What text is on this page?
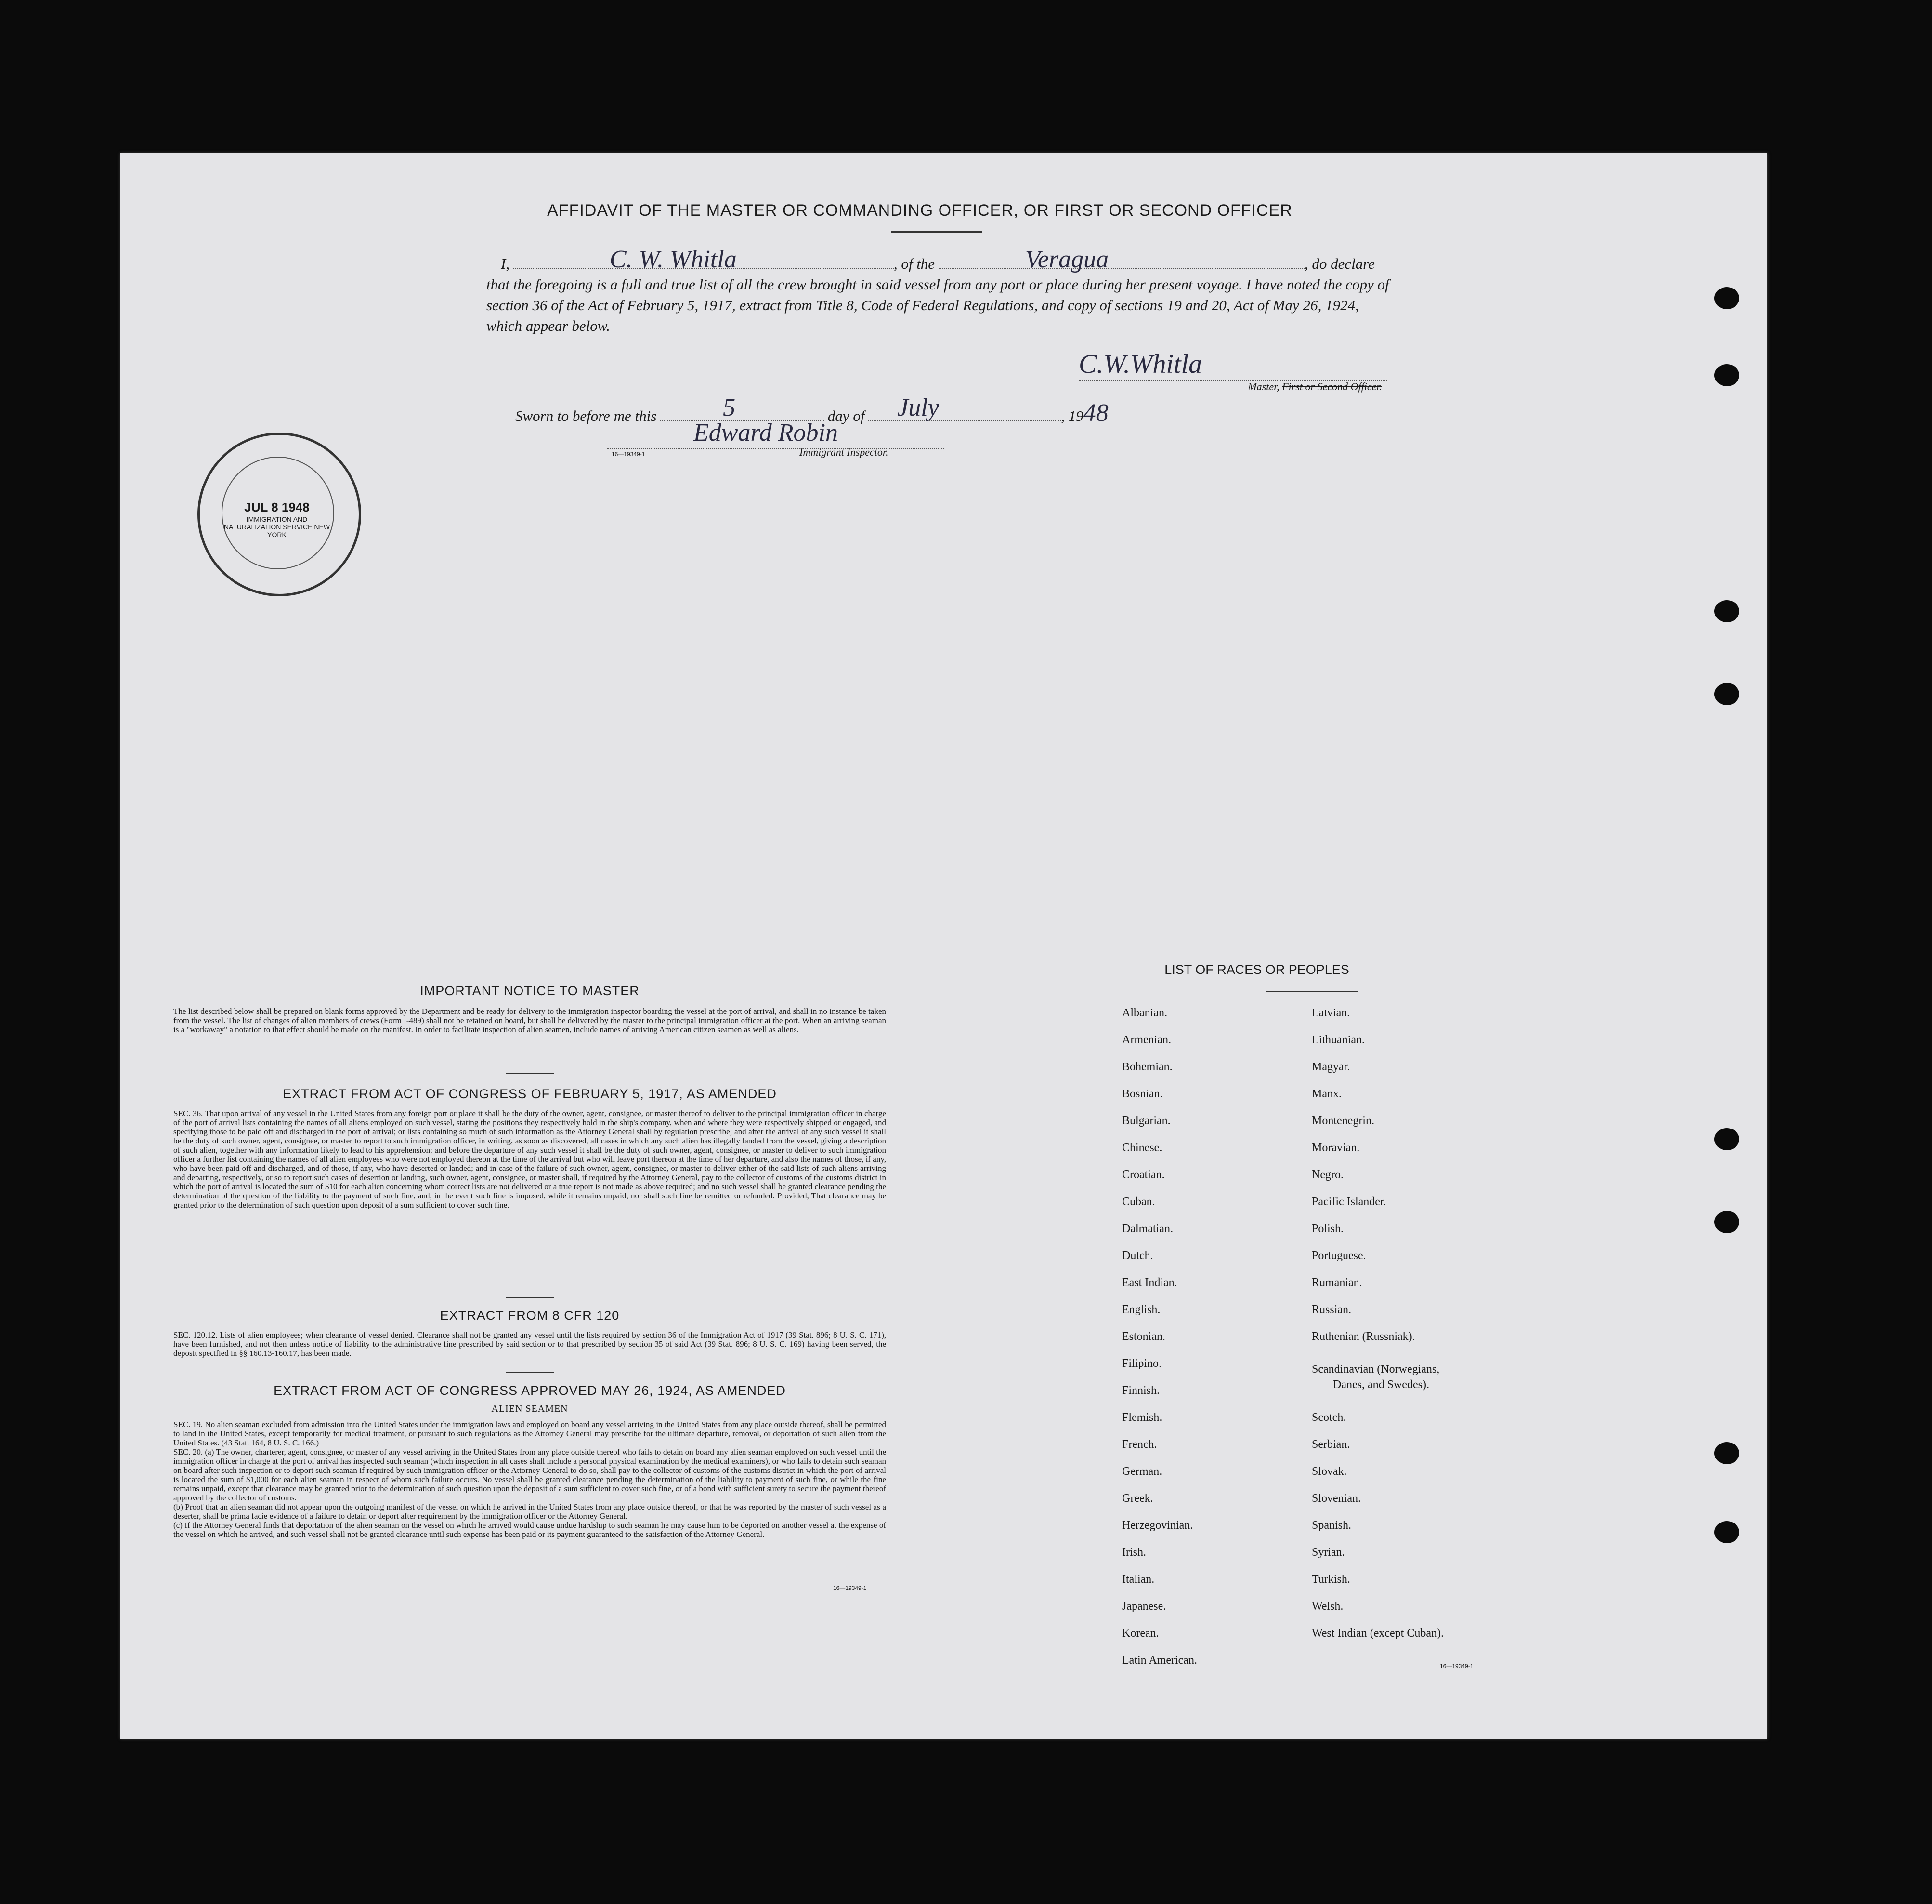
AFFIDAVIT OF THE MASTER OR COMMANDING OFFICER, OR FIRST OR SECOND OFFICER
I,	C. W. Whitla	, of the	Veragua	, do declare
that the foregoing is a full and true list of all the crew brought in said vessel from any port or place during her present voyage. I have noted the copy of section 36 of the Act of February 5, 1917, extract from Title 8, Code of Federal Regulations, and copy of sections 19 and 20, Act of May 26, 1924, which appear below.
C.W.Whitla
Master, First or Second Officer.
Sworn to before me this	5	day of July	, 1948
Edward Robin
16—19349-1	Immigrant Inspector.
JUL 8 1948
IMMIGRATION AND NATURALIZATION SERVICE NEW YORK
IMPORTANT NOTICE TO MASTER
The list described below shall be prepared on blank forms approved by the Department and be ready for delivery to the immigration inspector boarding the vessel at the port of arrival, and shall in no instance be taken from the vessel. The list of changes of alien members of crews (Form I-489) shall not be retained on board, but shall be delivered by the master to the principal immigration officer at the port. When an arriving seaman is a "workaway" a notation to that effect should be made on the manifest. In order to facilitate inspection of alien seamen, include names of arriving American citizen seamen as well as aliens.
EXTRACT FROM ACT OF CONGRESS OF FEBRUARY 5, 1917, AS AMENDED
SEC. 36. That upon arrival of any vessel in the United States from any foreign port or place it shall be the duty of the owner, agent, consignee, or master thereof to deliver to the principal immigration officer in charge of the port of arrival lists containing the names of all aliens employed on such vessel, stating the positions they respectively hold in the ship's company, when and where they were respectively shipped or engaged, and specifying those to be paid off and discharged in the port of arrival; or lists containing so much of such information as the Attorney General shall by regulation prescribe; and after the arrival of any such vessel it shall be the duty of such owner, agent, consignee, or master to report to such immigration officer, in writing, as soon as discovered, all cases in which any such alien has illegally landed from the vessel, giving a description of such alien, together with any information likely to lead to his apprehension; and before the departure of any such vessel it shall be the duty of such owner, agent, consignee, or master to deliver to such immigration officer a further list containing the names of all alien employees who were not employed thereon at the time of the arrival but who will leave port thereon at the time of her departure, and also the names of those, if any, who have been paid off and discharged, and of those, if any, who have deserted or landed; and in case of the failure of such owner, agent, consignee, or master to deliver either of the said lists of such aliens arriving and departing, respectively, or so to report such cases of desertion or landing, such owner, agent, consignee, or master shall, if required by the Attorney General, pay to the collector of customs of the customs district in which the port of arrival is located the sum of $10 for each alien concerning whom correct lists are not delivered or a true report is not made as above required; and no such vessel shall be granted clearance pending the determination of the question of the liability to the payment of such fine, and, in the event such fine is imposed, while it remains unpaid; nor shall such fine be remitted or refunded: Provided, That clearance may be granted prior to the determination of such question upon deposit of a sum sufficient to cover such fine.
EXTRACT FROM 8 CFR 120
SEC. 120.12. Lists of alien employees; when clearance of vessel denied. Clearance shall not be granted any vessel until the lists required by section 36 of the Immigration Act of 1917 (39 Stat. 896; 8 U. S. C. 171), have been furnished, and not then unless notice of liability to the administrative fine prescribed by said section or to that prescribed by section 35 of said Act (39 Stat. 896; 8 U. S. C. 169) having been served, the deposit specified in §§ 160.13-160.17, has been made.
EXTRACT FROM ACT OF CONGRESS APPROVED MAY 26, 1924, AS AMENDED
ALIEN SEAMEN
SEC. 19. No alien seaman excluded from admission into the United States under the immigration laws and employed on board any vessel arriving in the United States from any place outside thereof, shall be permitted to land in the United States, except temporarily for medical treatment, or pursuant to such regulations as the Attorney General may prescribe for the ultimate departure, removal, or deportation of such alien from the United States. (43 Stat. 164, 8 U. S. C. 166.)
SEC. 20. (a) The owner, charterer, agent, consignee, or master of any vessel arriving in the United States from any place outside thereof who fails to detain on board any alien seaman employed on such vessel until the immigration officer in charge at the port of arrival has inspected such seaman (which inspection in all cases shall include a personal physical examination by the medical examiners), or who fails to detain such seaman on board after such inspection or to deport such seaman if required by such immigration officer or the Attorney General to do so, shall pay to the collector of customs of the customs district in which the port of arrival is located the sum of $1,000 for each alien seaman in respect of whom such failure occurs. No vessel shall be granted clearance pending the determination of the liability to payment of such fine, or while the fine remains unpaid, except that clearance may be granted prior to the determination of such question upon the deposit of a sum sufficient to cover such fine, or of a bond with sufficient surety to secure the payment thereof approved by the collector of customs.
(b) Proof that an alien seaman did not appear upon the outgoing manifest of the vessel on which he arrived in the United States from any place outside thereof, or that he was reported by the master of such vessel as a deserter, shall be prima facie evidence of a failure to detain or deport after requirement by the immigration officer or the Attorney General.
(c) If the Attorney General finds that deportation of the alien seaman on the vessel on which he arrived would cause undue hardship to such seaman he may cause him to be deported on another vessel at the expense of the vessel on which he arrived, and such vessel shall not be granted clearance until such expense has been paid or its payment guaranteed to the satisfaction of the Attorney General.
16—19349-1
LIST OF RACES OR PEOPLES
Albanian.
Armenian.
Bohemian.
Bosnian.
Bulgarian.
Chinese.
Croatian.
Cuban.
Dalmatian.
Dutch.
East Indian.
English.
Estonian.
Filipino.
Finnish.
Flemish.
French.
German.
Greek.
Herzegovinian.
Irish.
Italian.
Japanese.
Korean.
Latin American.
Latvian.
Lithuanian.
Magyar.
Manx.
Montenegrin.
Moravian.
Negro.
Pacific Islander.
Polish.
Portuguese.
Rumanian.
Russian.
Ruthenian (Russniak).
Scandinavian (Norwegians,
Danes, and Swedes).
Scotch.
Serbian.
Slovak.
Slovenian.
Spanish.
Syrian.
Turkish.
Welsh.
West Indian (except Cuban).
16—19349-1
